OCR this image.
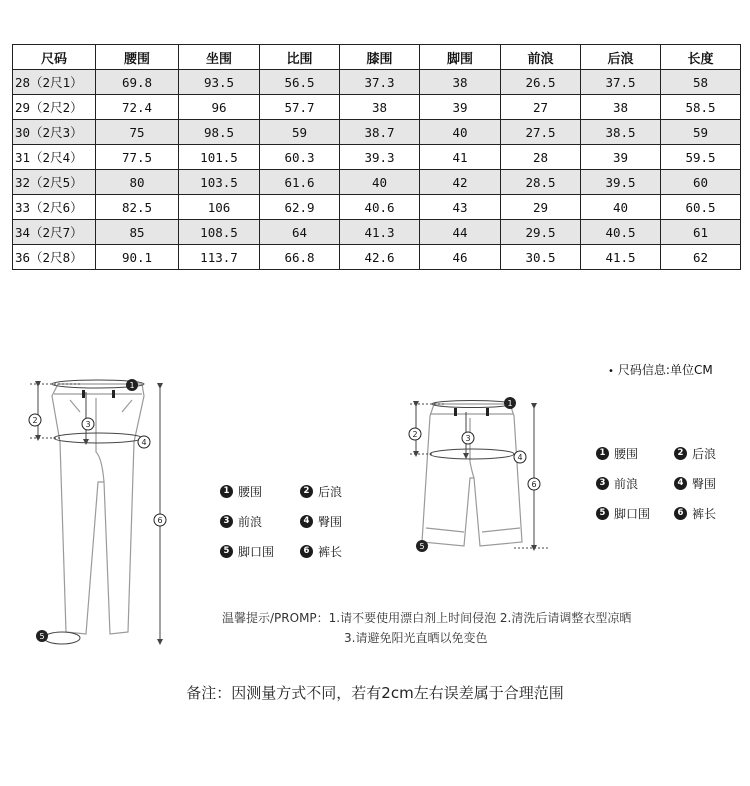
尺码	腰围	坐围	比围	膝围	脚围	前浪	后浪	长度
28（2尺1）	69.8	93.5	56.5	37.3	38	26.5	37.5	58
29（2尺2）	72.4	96	57.7	38	39	27	38	58.5
30（2尺3）	75	98.5	59	38.7	40	27.5	38.5	59
31（2尺4）	77.5	101.5	60.3	39.3	41	28	39	59.5
32（2尺5）	80	103.5	61.6	40	42	28.5	39.5	60
33（2尺6）	82.5	106	62.9	40.6	43	29	40	60.5
34（2尺7）	85	108.5	64	41.3	44	29.5	40.5	61
36（2尺8）	90.1	113.7	66.8	42.6	46	30.5	41.5	62
• 尺码信息:单位CM
1
2	3
4
5
6
1
2	3
4
5
6
1 腰围	2 后浪
3 前浪	4 臀围
5 脚口围	6 裤长
1 腰围	2 后浪
3 前浪	4 臀围
5 脚口围	6 裤长
温馨提示/PROMP：1.请不要使用漂白剂上时间侵泡 2.清洗后请调整衣型凉晒
3.请避免阳光直晒以免变色
备注：因测量方式不同，若有2cm左右误差属于合理范围
